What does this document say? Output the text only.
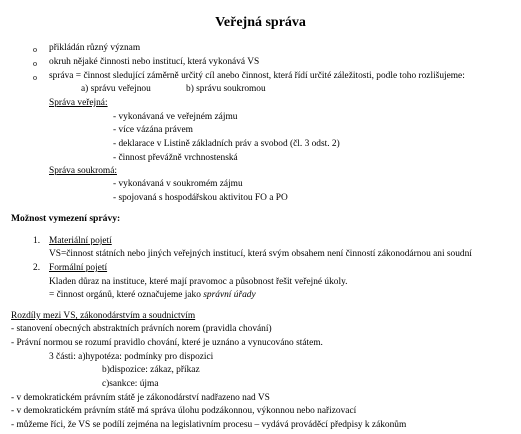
Veřejná správa
o přikládán různý význam
o okruh nějaké činnosti nebo institucí, která vykonává VS
o správa = činnost sledující záměrně určitý cíl anebo činnost, která řídí určité záležitosti, podle toho rozlišujeme:
a) správu veřejnou	b) správu soukromou
Správa veřejná:
- vykonávaná ve veřejném zájmu
- více vázána právem
- deklarace v Listině základních práv a svobod (čl. 3 odst. 2)
- činnost převážně vrchnostenská
Správa soukromá:
- vykonávaná v soukromém zájmu
- spojovaná s hospodářskou aktivitou FO a PO
Možnost vymezení správy:
1. Materiální pojetí
VS=činnost státních nebo jiných veřejných institucí, která svým obsahem není činností zákonodárnou ani soudní
2. Formální pojetí
Kladen důraz na instituce, které mají pravomoc a působnost řešit veřejné úkoly.
= činnost orgánů, které označujeme jako správní úřady
Rozdíly mezi VS, zákonodárstvím a soudnictvím
- stanovení obecných abstraktních právních norem (pravidla chování)
- Právní normou se rozumí pravidlo chování, které je uznáno a vynucováno státem.
3 části: a)hypotéza: podmínky pro dispozici
b)dispozice: zákaz, příkaz
c)sankce: újma
- v demokratickém právním státě je zákonodárství nadřazeno nad VS
- v demokratickém právním státě má správa úlohu podzákonnou, výkonnou nebo nařizovací
- můžeme říci, že VS se podílí zejména na legislativním procesu – vydává prováděcí předpisy k zákonům
